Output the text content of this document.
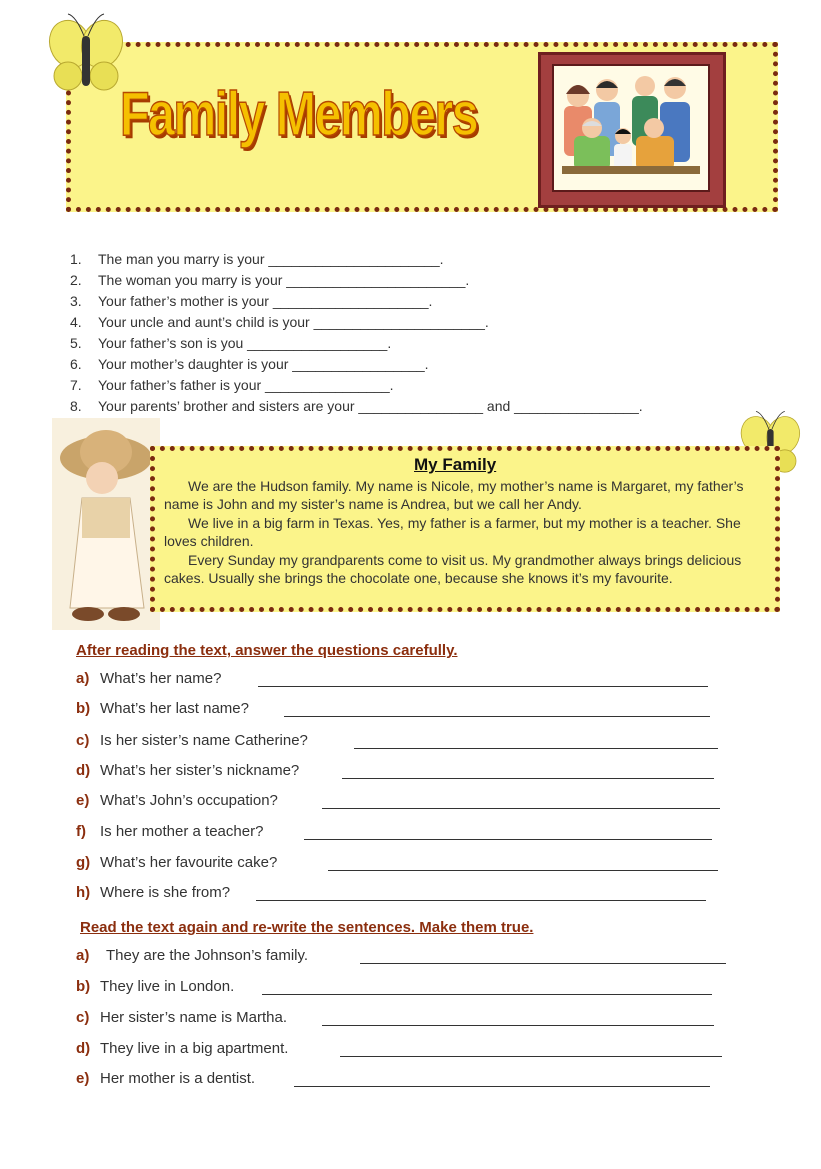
Family Members
1. The man you marry is your ______________________.
2. The woman you marry is your _______________________.
3. Your father’s mother is your ____________________.
4. Your uncle and aunt’s child is your ______________________.
5. Your father’s son is you __________________.
6. Your mother’s daughter is your _________________.
7. Your father’s father is your ________________.
8. Your parents’ brother and sisters are your ________________ and ________________.
My Family

We are the Hudson family. My name is Nicole, my mother’s name is Margaret, my father’s name is John and my sister’s name is Andrea, but we call her Andy.

We live in a big farm in Texas. Yes, my father is a farmer, but my mother is a teacher. She loves children.

Every Sunday my grandparents come to visit us. My grandmother always brings delicious cakes. Usually she brings the chocolate one, because she knows it’s my favourite.

After reading the text, answer the questions carefully.
a) What’s her name?
b) What’s her last name?
c) Is her sister’s name Catherine?
d) What’s her sister’s nickname?
e) What’s John’s occupation?
f) Is her mother a teacher?
g) What’s her favourite cake?
h) Where is she from?
Read the text again and re-write the sentences. Make them true.
a) They are the Johnson’s family.
b) They live in London.
c) Her sister’s name is Martha.
d) They live in a big apartment.
e) Her mother is a dentist.
